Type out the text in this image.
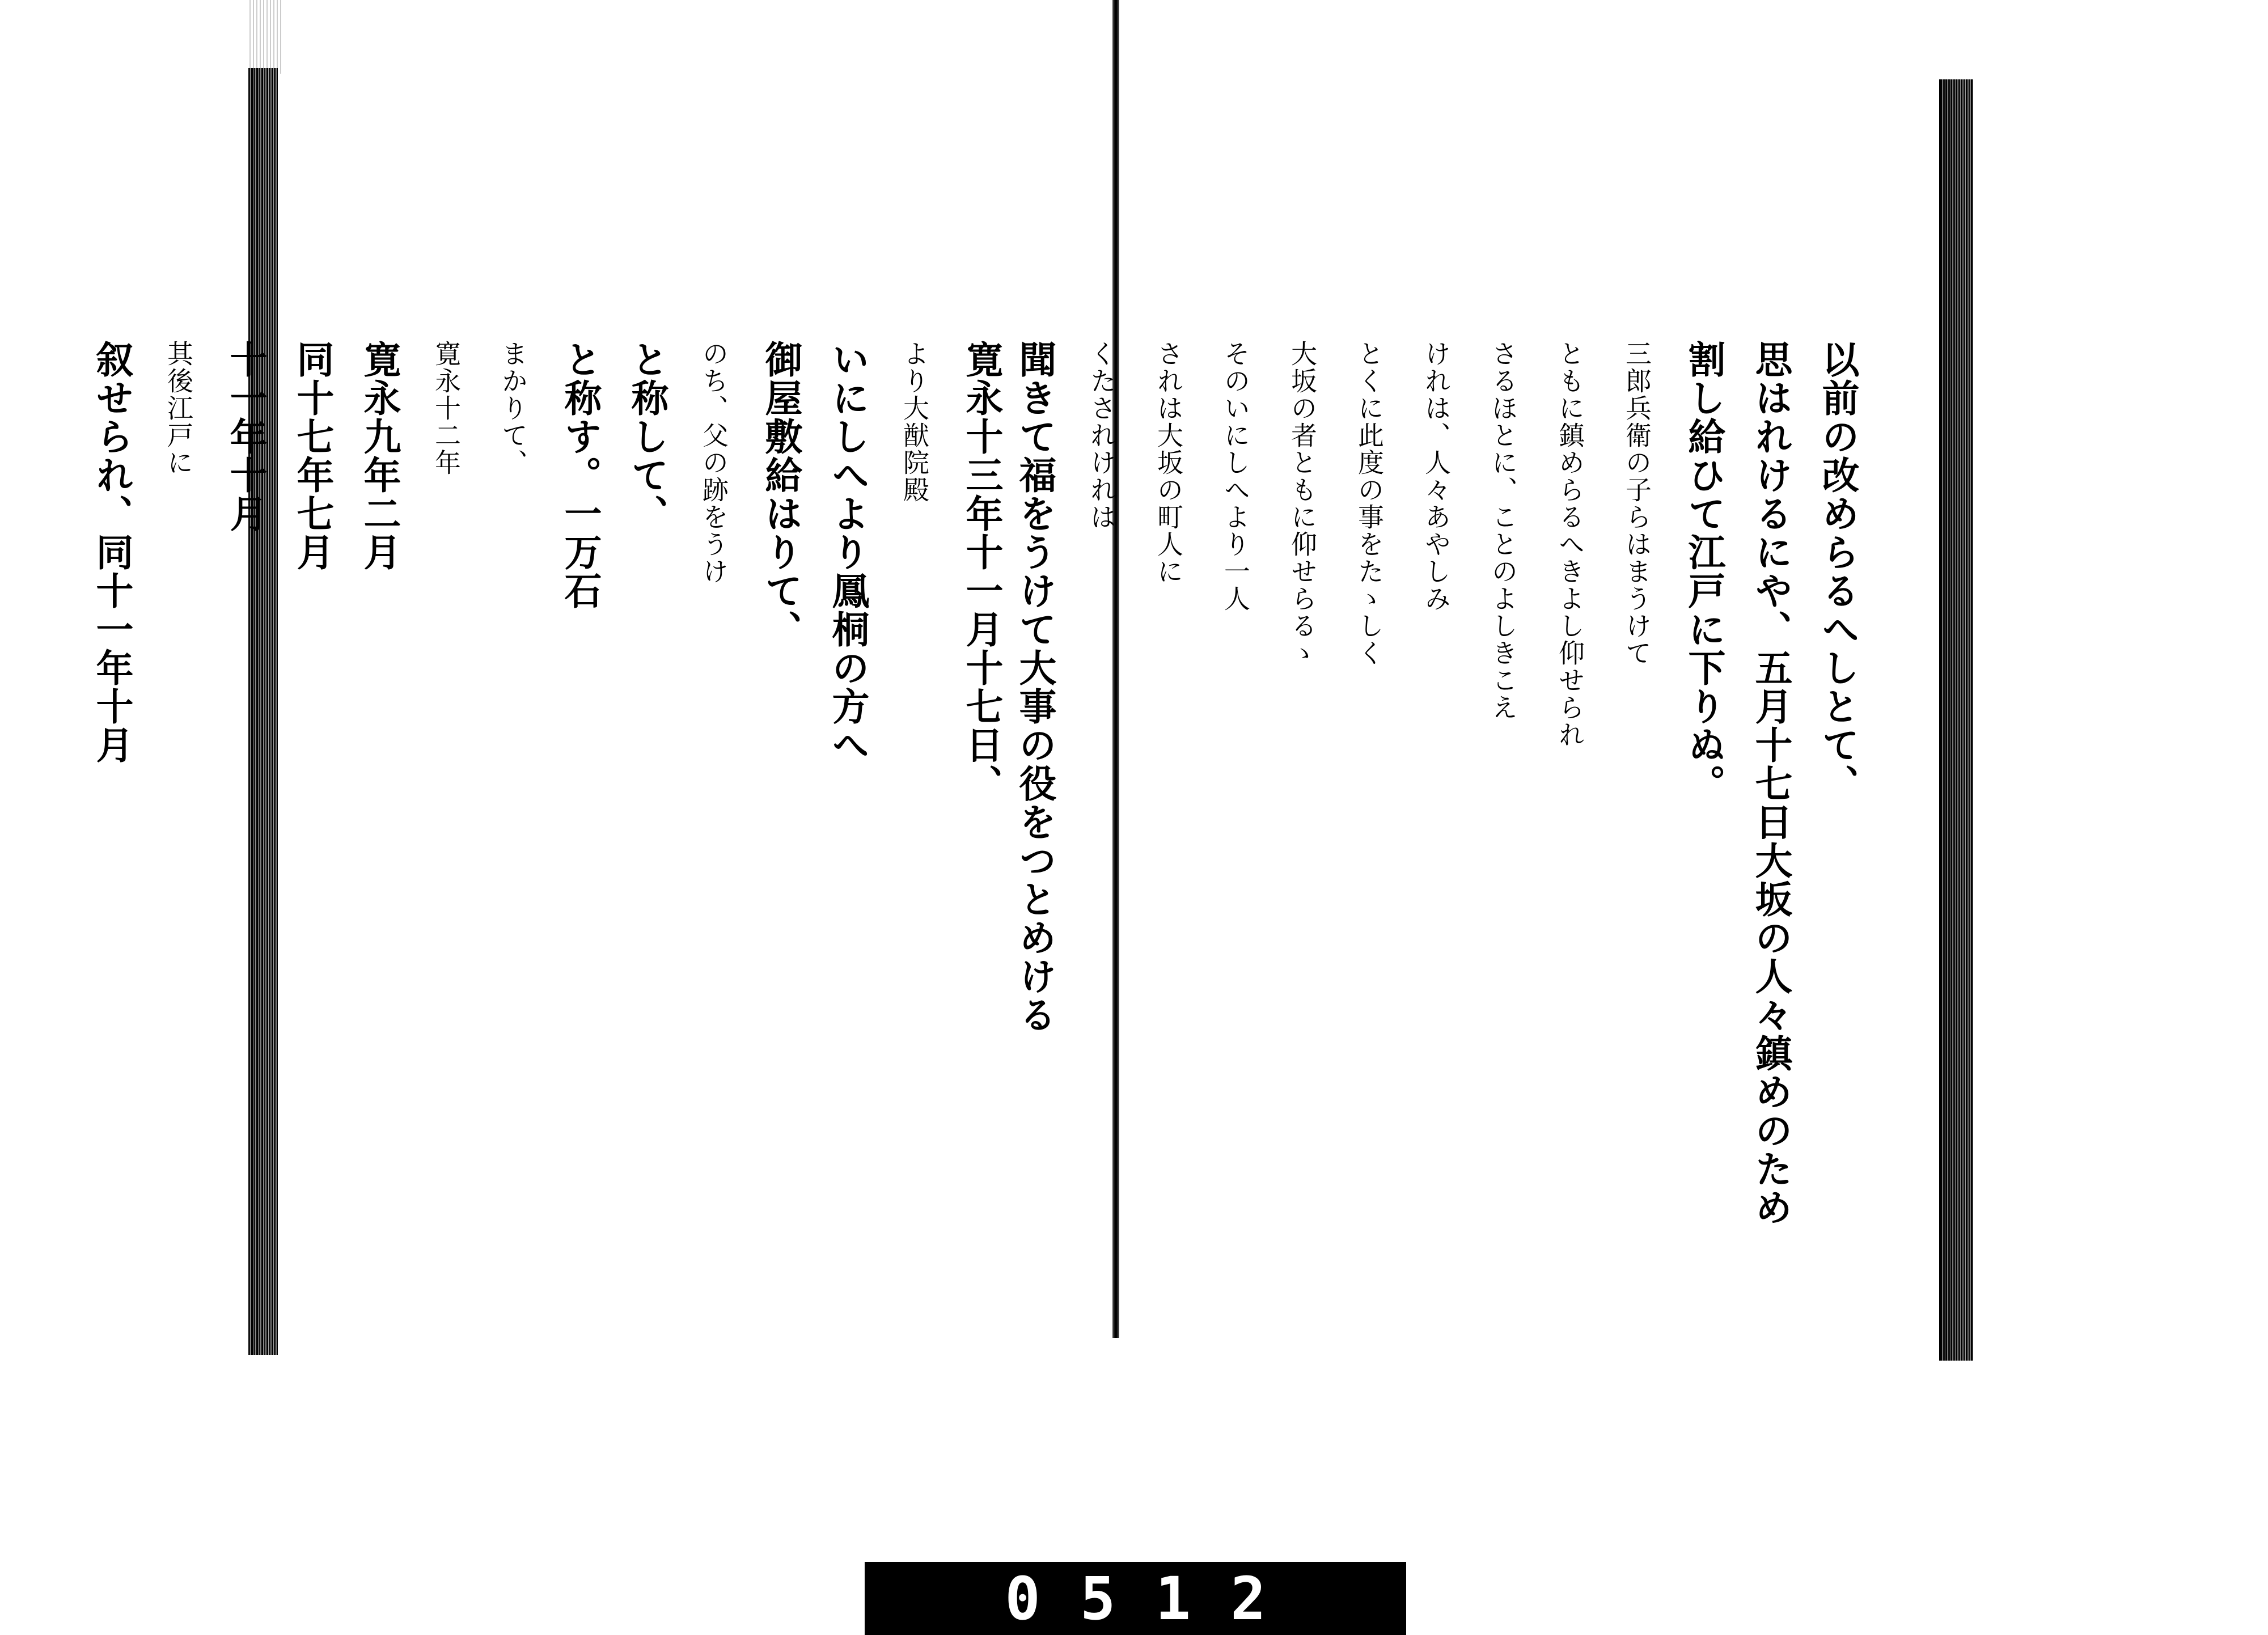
以前の改めらるへしとて、
思はれけるにや、五月十七日大坂の人々鎮めのため
割し給ひて江戸に下りぬ。
三郎兵衛の子らはまうけて
ともに鎮めらるへきよし仰せられ
さるほとに、ことのよしきこえ
けれは、人々あやしみ
とくに此度の事をたゝしく
大坂の者ともに仰せらるゝ
そのいにしへより一人
されは大坂の町人に
くたされけれは
聞きて福をうけて大事の役をつとめける
寛永十三年十一月十七日、
より大猷院殿
いにしへより鳳桐の方へ
御屋敷給はりて、
のち、父の跡をうけ
と称して、
と称す。一万石
まかりて、
寛永十二年
寛永九年二月
同十七年七月
十一年十月
其後江戸に
叙せられ、同十一年十月
0512
